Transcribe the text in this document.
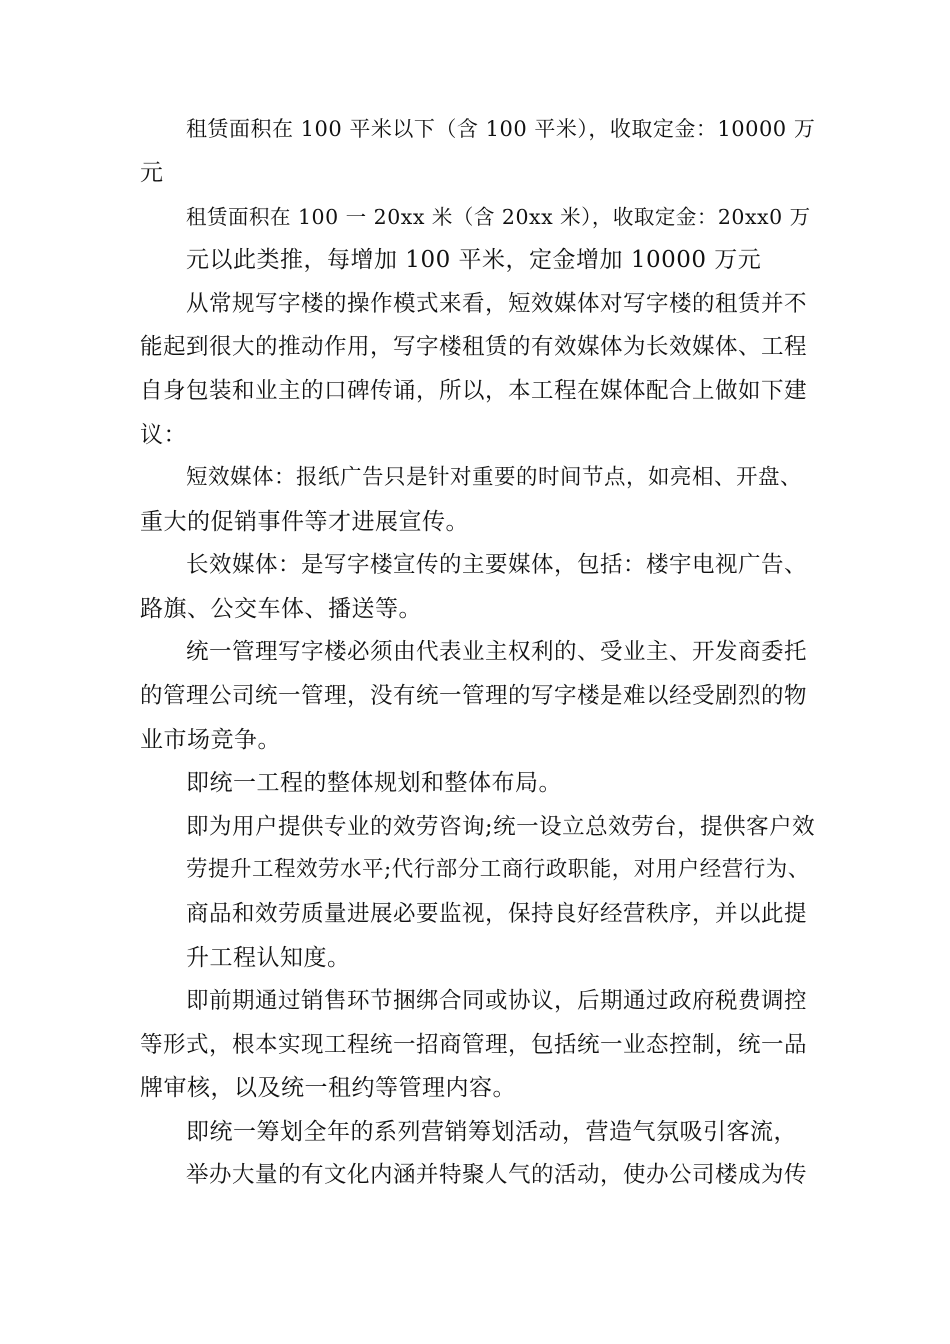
租赁面积在 100 平米以下（含 100 平米），收取定金：10000 万
元
租赁面积在 100 一 20xx 米（含 20xx 米），收取定金：20xx0 万
元以此类推，每增加 100 平米，定金增加 10000 万元
从常规写字楼的操作模式来看，短效媒体对写字楼的租赁并不
能起到很大的推动作用，写字楼租赁的有效媒体为长效媒体、工程
自身包装和业主的口碑传诵，所以，本工程在媒体配合上做如下建
议：
短效媒体：报纸广告只是针对重要的时间节点，如亮相、开盘、
重大的促销事件等才进展宣传。
长效媒体：是写字楼宣传的主要媒体，包括：楼宇电视广告、
路旗、公交车体、播送等。
统一管理写字楼必须由代表业主权利的、受业主、开发商委托
的管理公司统一管理，没有统一管理的写字楼是难以经受剧烈的物
业市场竞争。
即统一工程的整体规划和整体布局。
即为用户提供专业的效劳咨询;统一设立总效劳台，提供客户效
劳提升工程效劳水平;代行部分工商行政职能，对用户经营行为、
商品和效劳质量进展必要监视，保持良好经营秩序，并以此提
升工程认知度。
即前期通过销售环节捆绑合同或协议，后期通过政府税费调控
等形式，根本实现工程统一招商管理，包括统一业态控制，统一品
牌审核，以及统一租约等管理内容。
即统一筹划全年的系列营销筹划活动，营造气氛吸引客流，
举办大量的有文化内涵并特聚人气的活动，使办公司楼成为传
